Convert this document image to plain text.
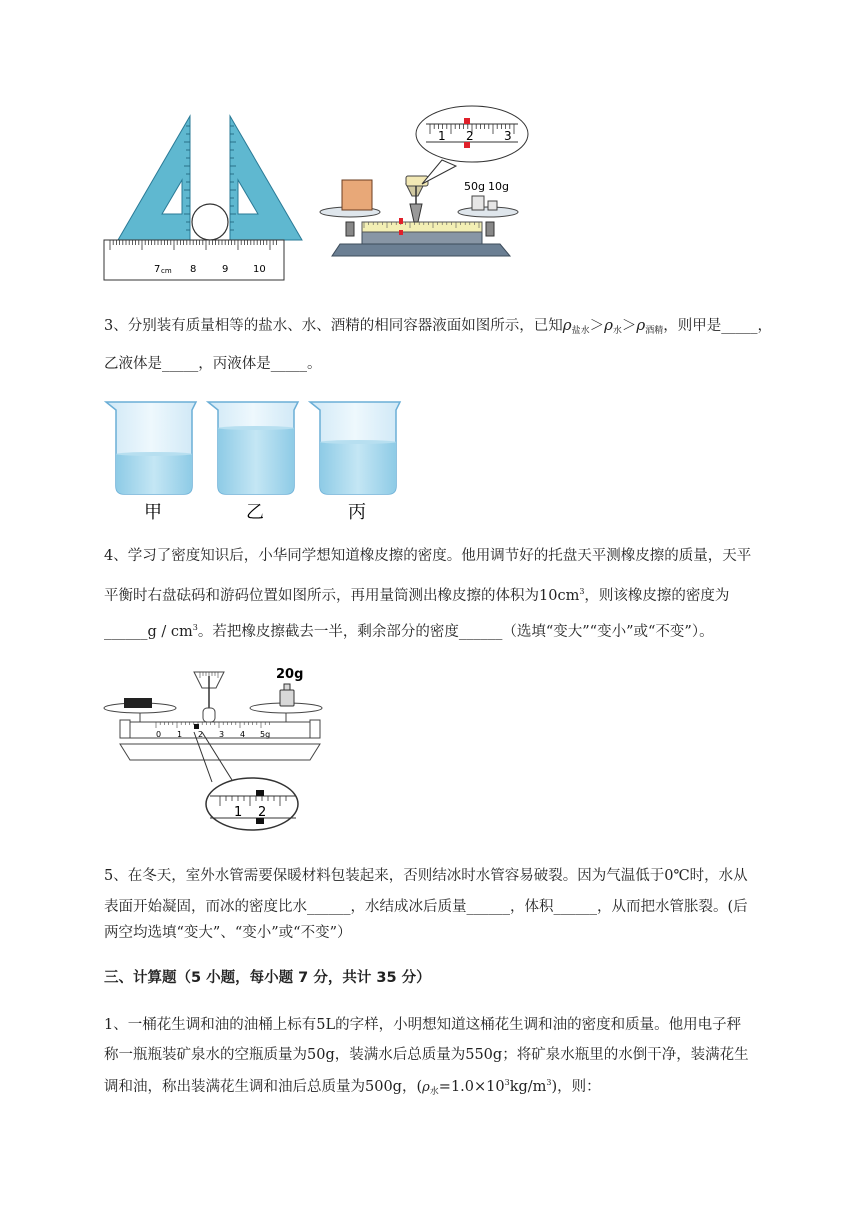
7 cm 8	9 10
50g 10g
1 2	3
3、分别装有质量相等的盐水、水、酒精的相同容器液面如图所示，已知$\rho_{盐水}>\rho_水>\rho_{酒精}$，则甲是_____，
乙液体是_____，丙液体是_____。
甲	乙	丙
4、学习了密度知识后，小华同学想知道橡皮擦的密度。他用调节好的托盘天平测橡皮擦的质量，天平
平衡时右盘砝码和游码位置如图所示，再用量筒测出橡皮擦的体积为$10cm^3$，则该橡皮擦的密度为
______g / $cm^3$。若把橡皮擦截去一半，剩余部分的密度______（选填“变大”“变小”或“不变”）。
0 1 2 3 4 5g
20g
1 2
5、在冬天，室外水管需要保暖材料包装起来，否则结冰时水管容易破裂。因为气温低于0℃时，水从
表面开始凝固，而冰的密度比水______，水结成冰后质量______，体积______，从而把水管胀裂。(后
两空均选填“变大”、“变小”或“不变”）
三、计算题（5 小题，每小题 7 分，共计 35 分）
1、一桶花生调和油的油桶上标有5L的字样，小明想知道这桶花生调和油的密度和质量。他用电子秤
称一瓶瓶装矿泉水的空瓶质量为50g，装满水后总质量为550g；将矿泉水瓶里的水倒干净，装满花生
调和油，称出装满花生调和油后总质量为500g，$(\rho_水=1.0\times 10^3kg/m^3)$，则：
